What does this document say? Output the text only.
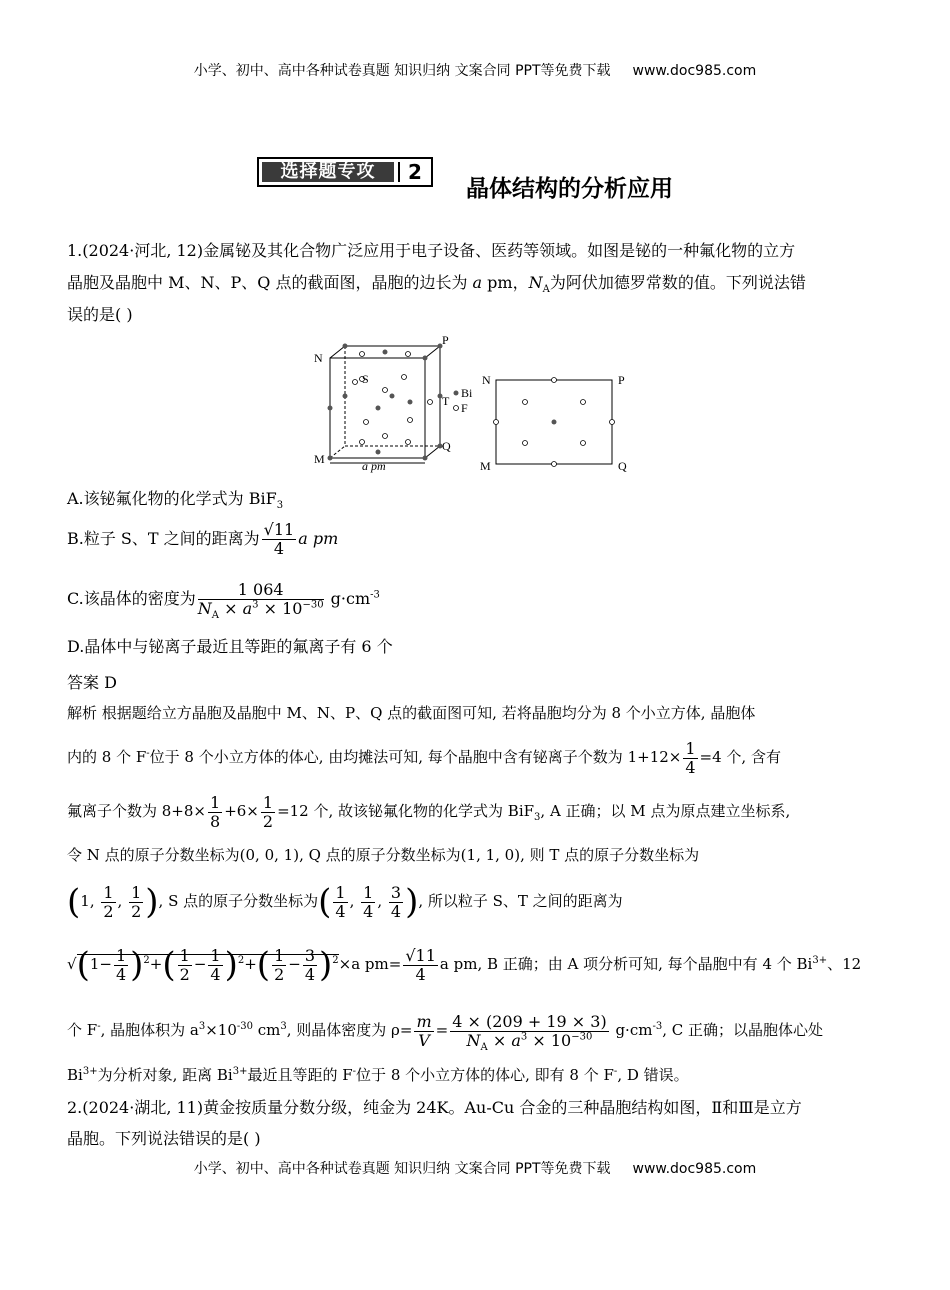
小学、初中、高中各种试卷真题 知识归纳 文案合同 PPT等免费下载 www.doc985.com
选择题专攻	2
晶体结构的分析应用
1.(2024·河北, 12)金属铋及其化合物广泛应用于电子设备、医药等领域。如图是铋的一种氟化物的立方
晶胞及晶胞中 M、N、P、Q 点的截面图，晶胞的边长为 a pm，$N_A$为阿伏加德罗常数的值。下列说法错
误的是( )
N
P
S
T
M
Q
Bi
F
a pm
N	P
M	Q
A.该铋氟化物的化学式为 BiF$_3$
B.粒子 S、T 之间的距离为 $\frac{√11}{4}$ a pm
C.该晶体的密度为 $\frac{1 064}{N_A \times a^3 \times 10^{-30}} g\cdot cm^{-3}$
D.晶体中与铋离子最近且等距的氟离子有 6 个
答案 D
解析 根据题给立方晶胞及晶胞中 M、N、P、Q 点的截面图可知, 若将晶胞均分为 8 个小立方体, 晶胞体
内的 8 个 F-位于 8 个小立方体的体心, 由均摊法可知, 每个晶胞中含有铋离子个数为 $1+12\times \frac{1}{4} =4$ 个, 含有
氟离子个数为 $8+8\times \frac{1}{8} +6\times \frac{1}{2} =12$ 个, 故该铋氟化物的化学式为 BiF$_3$, A 正确；以 M 点为原点建立坐标系,
令 N 点的原子分数坐标为(0, 0, 1), Q 点的原子分数坐标为(1, 1, 0), 则 T 点的原子分数坐标为
(1, $\frac{1}{2}$ , $\frac{1}{2}$ ), S 点的原子分数坐标为( $\frac{1}{4}$ , $\frac{1}{4}$ , $\frac{3}{4}$ ), 所以粒子 S、T 之间的距离为
$√(1- \frac{1}{4} )^2+( \frac{1}{2} - \frac{1}{4} )^2+( \frac{1}{2} - \frac{3}{4} )^2\times a$ $pm= \frac{√11}{4}$ a pm, B 正确；由 A 项分析可知, 每个晶胞中有 4 个 $Bi^{3+}$、12
个 F-, 晶胞体积为 $a^3\times 10^{-30}$ $cm^3$, 则晶体密度为 $\rho= \frac{m}{V} = \frac{4 \times (209 + 19 \times 3)}{N_A \times a^3 \times 10^{-30}} g\cdot cm^{-3}$, C 正确；以晶胞体心处
$Bi^{3+}$为分析对象, 距离 $Bi^{3+}$最近且等距的 F-位于 8 个小立方体的体心, 即有 8 个 F-, D 错误。
2.(2024·湖北, 11)黄金按质量分数分级，纯金为 24K。Au-Cu 合金的三种晶胞结构如图，Ⅱ和Ⅲ是立方
晶胞。下列说法错误的是( )
小学、初中、高中各种试卷真题 知识归纳 文案合同 PPT等免费下载 www.doc985.com
